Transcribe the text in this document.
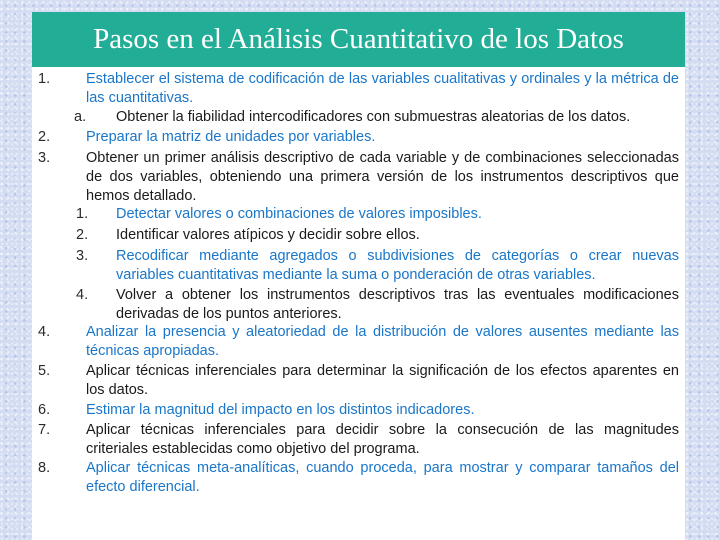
Pasos en el Análisis Cuantitativo de los Datos
1. Establecer el sistema de codificación de las variables cualitativas y ordinales y la métrica de las cuantitativas.
a. Obtener la fiabilidad intercodificadores con submuestras aleatorias de los datos.
2. Preparar la matriz de unidades por variables.
3. Obtener un primer análisis descriptivo de cada variable y de combinaciones seleccionadas de dos variables, obteniendo una primera versión de los instrumentos descriptivos que hemos detallado.
1. Detectar valores o combinaciones de valores imposibles.
2. Identificar valores atípicos y decidir sobre ellos.
3. Recodificar mediante agregados o subdivisiones de categorías o crear nuevas variables cuantitativas mediante la suma o ponderación de otras variables.
4. Volver a obtener los instrumentos descriptivos tras las eventuales modificaciones derivadas de los puntos anteriores.
4. Analizar la presencia y aleatoriedad de la distribución de valores ausentes mediante las técnicas apropiadas.
5. Aplicar técnicas inferenciales para determinar la significación de los efectos aparentes en los datos.
6. Estimar la magnitud del impacto en los distintos indicadores.
7. Aplicar técnicas inferenciales para decidir sobre la consecución de las magnitudes criteriales establecidas como objetivo del programa.
8. Aplicar técnicas meta-analíticas, cuando proceda, para mostrar y comparar tamaños del efecto diferencial.
